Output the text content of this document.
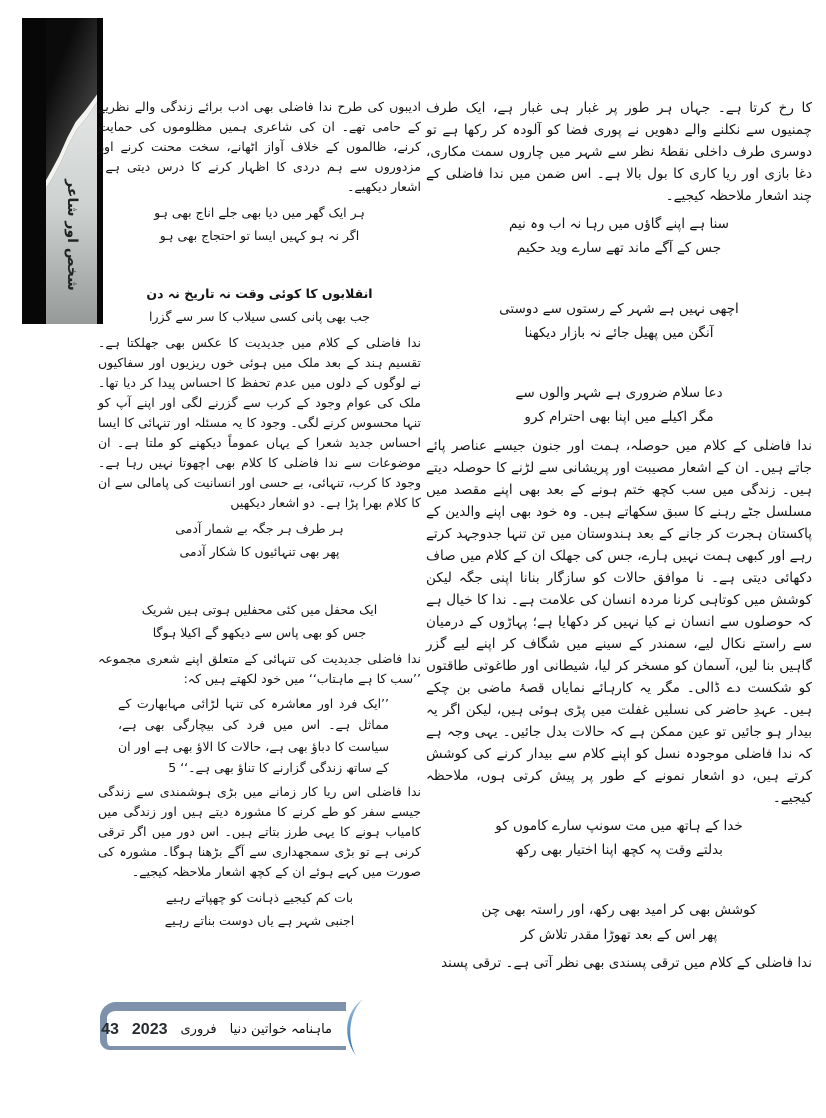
شخص اور شاعر

کا رخ کرتا ہے۔ جہاں ہر طور پر غبار ہی غبار ہے، ایک طرف چمنیوں سے نکلنے والے دھویں نے پوری فضا کو آلودہ کر رکھا ہے تو دوسری طرف داخلی نقطۂ نظر سے شہر میں چاروں سمت مکاری، دغا بازی اور ریا کاری کا بول بالا ہے۔ اس ضمن میں ندا فاضلی کے چند اشعار ملاحظہ کیجیے۔

سنا ہے اپنے گاؤں میں رہا نہ اب وہ نیم
جس کے آگے ماند تھے سارے وید حکیم
اچھی نہیں ہے شہر کے رستوں سے دوستی
آنگن میں پھیل جائے نہ بازار دیکھنا
دعا سلام ضروری ہے شہر والوں سے
مگر اکیلے میں اپنا بھی احترام کرو

ندا فاضلی کے کلام میں حوصلہ، ہمت اور جنون جیسے عناصر پائے جاتے ہیں۔ ان کے اشعار مصیبت اور پریشانی سے لڑنے کا حوصلہ دیتے ہیں۔ زندگی میں سب کچھ ختم ہونے کے بعد بھی اپنے مقصد میں مسلسل جٹے رہنے کا سبق سکھاتے ہیں۔ وہ خود بھی اپنے والدین کے پاکستان ہجرت کر جانے کے بعد ہندوستان میں تن تنہا جدوجہد کرتے رہے اور کبھی ہمت نہیں ہارے، جس کی جھلک ان کے کلام میں صاف دکھائی دیتی ہے۔ نا موافق حالات کو سازگار بنانا اپنی جگہ لیکن کوشش میں کوتاہی کرنا مردہ انسان کی علامت ہے۔ ندا کا خیال ہے کہ حوصلوں سے انسان نے کیا نہیں کر دکھایا ہے؛ پہاڑوں کے درمیان سے راستے نکال لیے، سمندر کے سینے میں شگاف کر اپنے لیے گزر گاہیں بنا لیں، آسمان کو مسخر کر لیا، شیطانی اور طاغوتی طاقتوں کو شکست دے ڈالی۔ مگر یہ کارہائے نمایاں قصۂ ماضی بن چکے ہیں۔ عہدِ حاضر کی نسلیں غفلت میں پڑی ہوئی ہیں، لیکن اگر یہ بیدار ہو جائیں تو عین ممکن ہے کہ حالات بدل جائیں۔ یہی وجہ ہے کہ ندا فاضلی موجودہ نسل کو اپنے کلام سے بیدار کرنے کی کوشش کرتے ہیں، دو اشعار نمونے کے طور پر پیش کرتی ہوں، ملاحظہ کیجیے۔

خدا کے ہاتھ میں مت سونپ سارے کاموں کو
بدلتے وقت پہ کچھ اپنا اختیار بھی رکھ
کوشش بھی کر امید بھی رکھ، اور راستہ بھی چن
پھر اس کے بعد تھوڑا مقدر تلاش کر

ندا فاضلی کے کلام میں ترقی پسندی بھی نظر آتی ہے۔ ترقی پسند

ادیبوں کی طرح ندا فاضلی بھی ادب برائے زندگی والے نظریے کے حامی تھے۔ ان کی شاعری ہمیں مظلوموں کی حمایت کرنے، ظالموں کے خلاف آواز اٹھانے، سخت محنت کرنے اور مزدوروں سے ہم دردی کا اظہار کرنے کا درس دیتی ہے۔ اشعار دیکھیے۔

ہر ایک گھر میں دیا بھی جلے اناج بھی ہو
اگر نہ ہو کہیں ایسا تو احتجاج بھی ہو
انقلابوں کا کوئی وقت نہ تاریخ نہ دن
جب بھی پانی کسی سیلاب کا سر سے گزرا

ندا فاضلی کے کلام میں جدیدیت کا عکس بھی جھلکتا ہے۔ تقسیم ہند کے بعد ملک میں ہوئی خوں ریزیوں اور سفاکیوں نے لوگوں کے دلوں میں عدم تحفظ کا احساس پیدا کر دیا تھا۔ ملک کی عوام وجود کے کرب سے گزرنے لگی اور اپنے آپ کو تنہا محسوس کرنے لگی۔ وجود کا یہ مسئلہ اور تنہائی کا ایسا احساس جدید شعرا کے یہاں عموماً دیکھنے کو ملتا ہے۔ ان موضوعات سے ندا فاضلی کا کلام بھی اچھوتا نہیں رہا ہے۔ وجود کا کرب، تنہائی، بے حسی اور انسانیت کی پامالی سے ان کا کلام بھرا پڑا ہے۔ دو اشعار دیکھیں

ہر طرف ہر جگہ بے شمار آدمی
پھر بھی تنہائیوں کا شکار آدمی
ایک محفل میں کئی محفلیں ہوتی ہیں شریک
جس کو بھی پاس سے دیکھو گے اکیلا ہوگا

ندا فاضلی جدیدیت کی تنہائی کے متعلق اپنے شعری مجموعہ ’’سب کا ہے ماہتاب‘‘ میں خود لکھتے ہیں کہ:

’’ایک فرد اور معاشرہ کی تنہا لڑائی مہابھارت کے مماثل ہے۔ اس میں فرد کی بیچارگی بھی ہے، سیاست کا دباؤ بھی ہے، حالات کا الاؤ بھی ہے اور ان کے ساتھ زندگی گزارنے کا تناؤ بھی ہے۔‘‘ 5

ندا فاضلی اس ریا کار زمانے میں بڑی ہوشمندی سے زندگی جیسے سفر کو طے کرنے کا مشورہ دیتے ہیں اور زندگی میں کامیاب ہونے کا یہی طرز بتاتے ہیں۔ اس دور میں اگر ترقی کرنی ہے تو بڑی سمجھداری سے آگے بڑھنا ہوگا۔ مشورہ کی صورت میں کہے ہوئے ان کے کچھ اشعار ملاحظہ کیجیے۔

بات کم کیجیے ذہانت کو چھپاتے رہیے
اجنبی شہر ہے یاں دوست بناتے رہیے
ماہنامہ خواتین دنیا
فروری
2023
43
